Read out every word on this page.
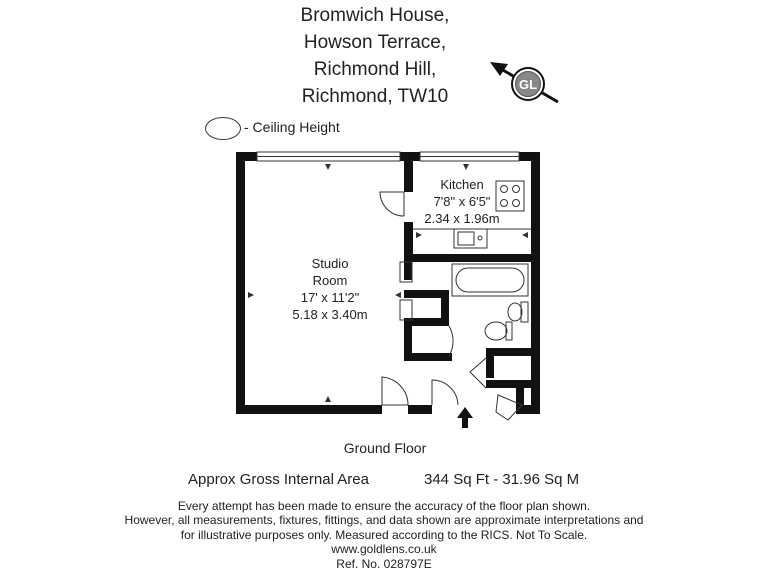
Bromwich House,
Howson Terrace,
Richmond Hill,
Richmond, TW10
GL
- Ceiling Height
Studio
Room
17' x 11'2"
5.18 x 3.40m
Kitchen
7'8" x 6'5"
2.34 x 1.96m
Ground Floor
Approx Gross Internal Area	344 Sq Ft - 31.96 Sq M
Every attempt has been made to ensure the accuracy of the floor plan shown.
However, all measurements, fixtures, fittings, and data shown are approximate interpretations and
for illustrative purposes only. Measured according to the RICS. Not To Scale.
www.goldlens.co.uk
Ref. No. 028797E
